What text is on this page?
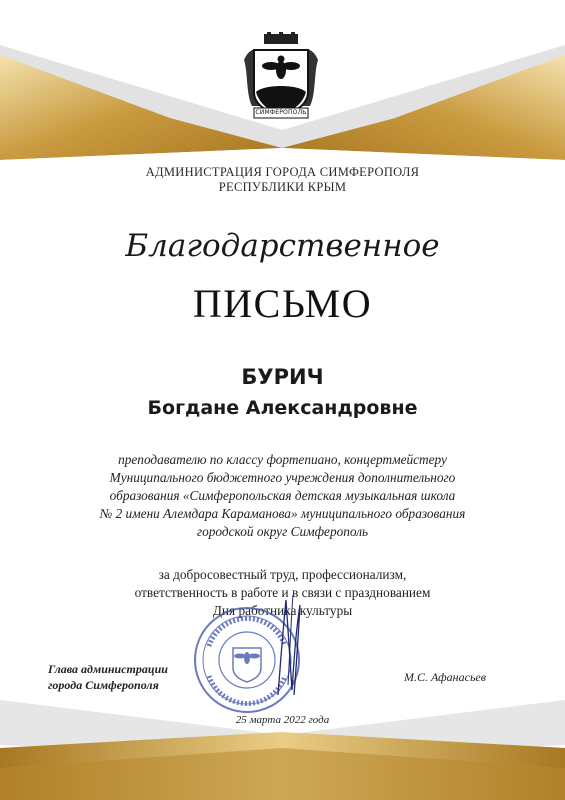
СИМФЕРОПОЛЬ
АДМИНИСТРАЦИЯ ГОРОДА СИМФЕРОПОЛЯ
РЕСПУБЛИКИ КРЫМ
Благодарственное
ПИСЬМО
БУРИЧ
Богдане Александровне
преподавателю по классу фортепиано, концертмейстеру
Муниципального бюджетного учреждения дополнительного
образования «Симферопольская детская музыкальная школа
№ 2 имени Алемдара Караманова» муниципального образования
городской округ Симферополь
за добросовестный труд, профессионализм,
ответственность в работе и в связи с празднованием
Дня работника культуры
Глава администрации
города Симферополя
М.С. Афанасьев
25 марта 2022 года
